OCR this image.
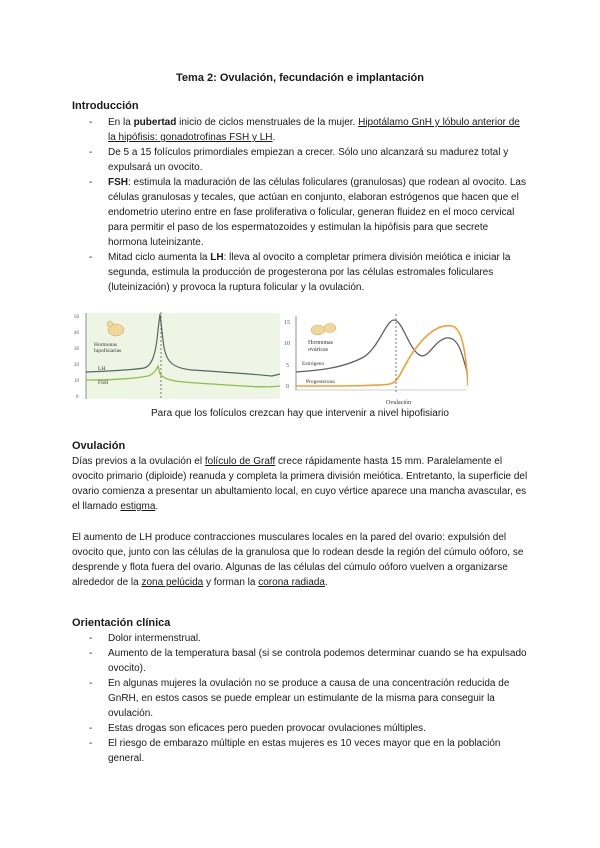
Tema 2: Ovulación, fecundación e implantación
Introducción
- En la pubertad inicio de ciclos menstruales de la mujer. Hipotálamo GnH y lóbulo anterior de la hipófisis: gonadotrofinas FSH y LH.
- De 5 a 15 folículos primordiales empiezan a crecer. Sólo uno alcanzará su madurez total y expulsará un ovocito.
- FSH: estimula la maduración de las células foliculares (granulosas) que rodean al ovocito. Las células granulosas y tecales, que actúan en conjunto, elaboran estrógenos que hacen que el endometrio uterino entre en fase proliferativa o folicular, generan fluidez en el moco cervical para permitir el paso de los espermatozoides y estimulan la hipófisis para que secrete hormona luteinizante.
- Mitad ciclo aumenta la LH: lleva al ovocito a completar primera división meiótica e iniciar la segunda, estimula la producción de progesterona por las células estromales foliculares (luteinización) y provoca la ruptura folicular y la ovulación.
50
40
30
20
10
0
Hormonas
hipofisiarias
LH
FSH
15
10
5
0
Hormonas
ováricas
Estrógeno
Progesterona
Ovulación
Para que los folículos crezcan hay que intervenir a nivel hipofisiario
Ovulación
Días previos a la ovulación el folículo de Graff crece rápidamente hasta 15 mm. Paralelamente el ovocito primario (diploide) reanuda y completa la primera división meiótica. Entretanto, la superficie del ovario comienza a presentar un abultamiento local, en cuyo vértice aparece una mancha avascular, es el llamado estigma.
El aumento de LH produce contracciones musculares locales en la pared del ovario: expulsión del ovocito que, junto con las células de la granulosa que lo rodean desde la región del cúmulo oóforo, se desprende y flota fuera del ovario. Algunas de las células del cúmulo oóforo vuelven a organizarse alrededor de la zona pelúcida y forman la corona radiada.
Orientación clínica
- Dolor intermenstrual.
- Aumento de la temperatura basal (si se controla podemos determinar cuando se ha expulsado ovocito).
- En algunas mujeres la ovulación no se produce a causa de una concentración reducida de GnRH, en estos casos se puede emplear un estimulante de la misma para conseguir la ovulación.
- Estas drogas son eficaces pero pueden provocar ovulaciones múltiples.
- El riesgo de embarazo múltiple en estas mujeres es 10 veces mayor que en la población general.
